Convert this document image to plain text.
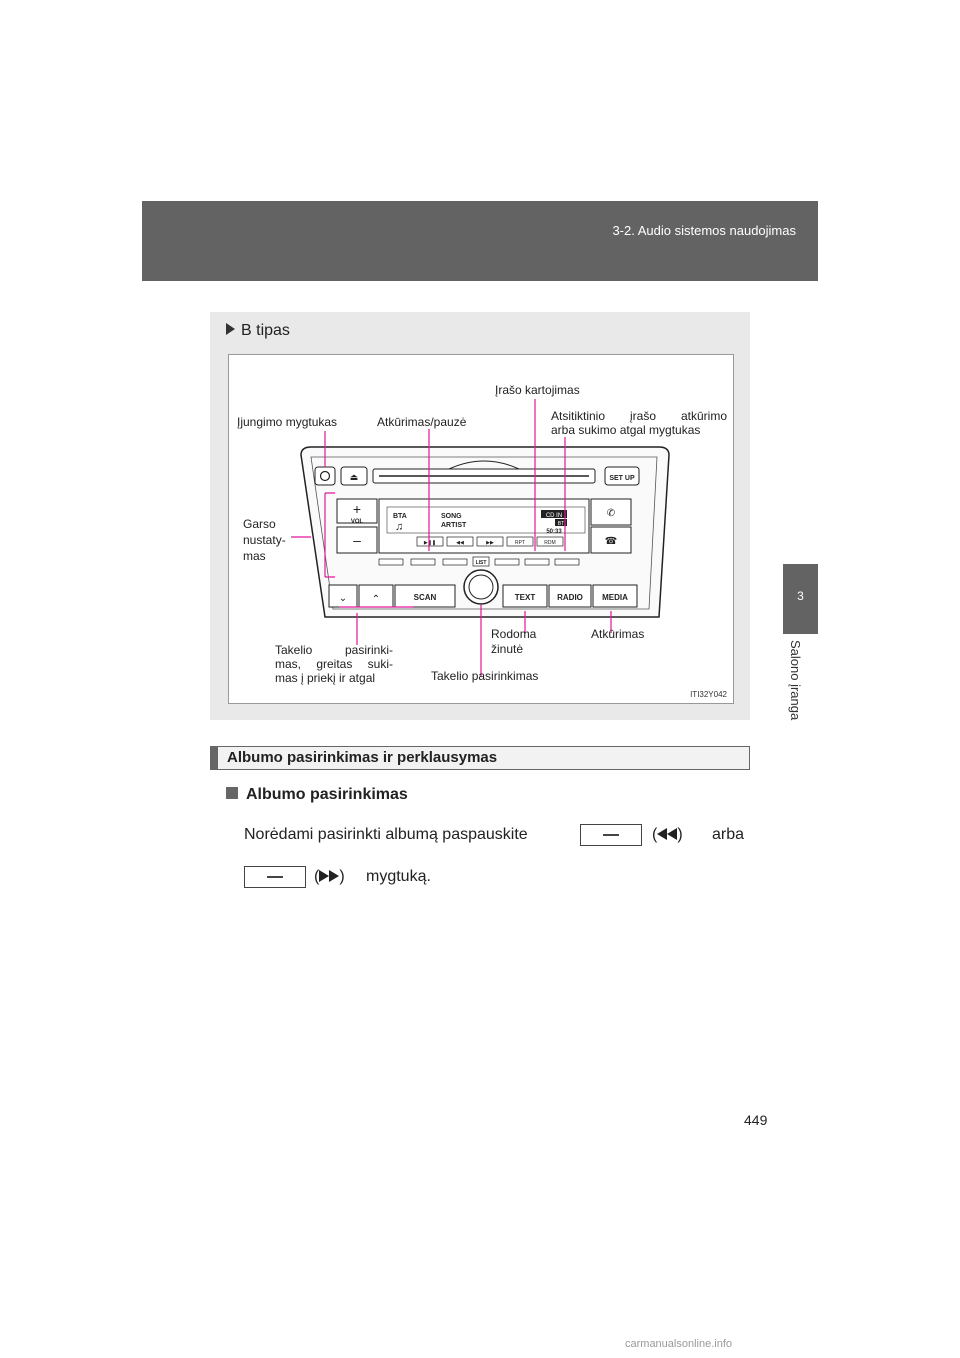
3-2. Audio sistemos naudojimas
3
Salono įranga
B tipas
⏏	SET UP
+
VOL
–
BTA
♫
SONG
ARTIST
CD IN
BT
50:33
▶❚❚	◀◀	▶▶	RPT	RDM
✆
☎
LIST
⌄ ⌃	SCAN	TEXT	RADIO MEDIA
Įjungimo mygtukas	Atkūrimas/pauzė
Įrašo kartojimas
Atsitiktinio įrašo atkūrimo
arba sukimo atgal mygtukas
Garso
nustaty-
mas
Takelio pasirinki-
mas, greitas suki-
mas į priekį ir atgal
Rodoma
žinutė
Atkūrimas
Takelio pasirinkimas
ITI32Y042
Albumo pasirinkimas ir perklausymas
Albumo pasirinkimas
Norėdami pasirinkti albumą paspauskite	( ) arba
( ) mygtuką.
449
carmanualsonline.info
